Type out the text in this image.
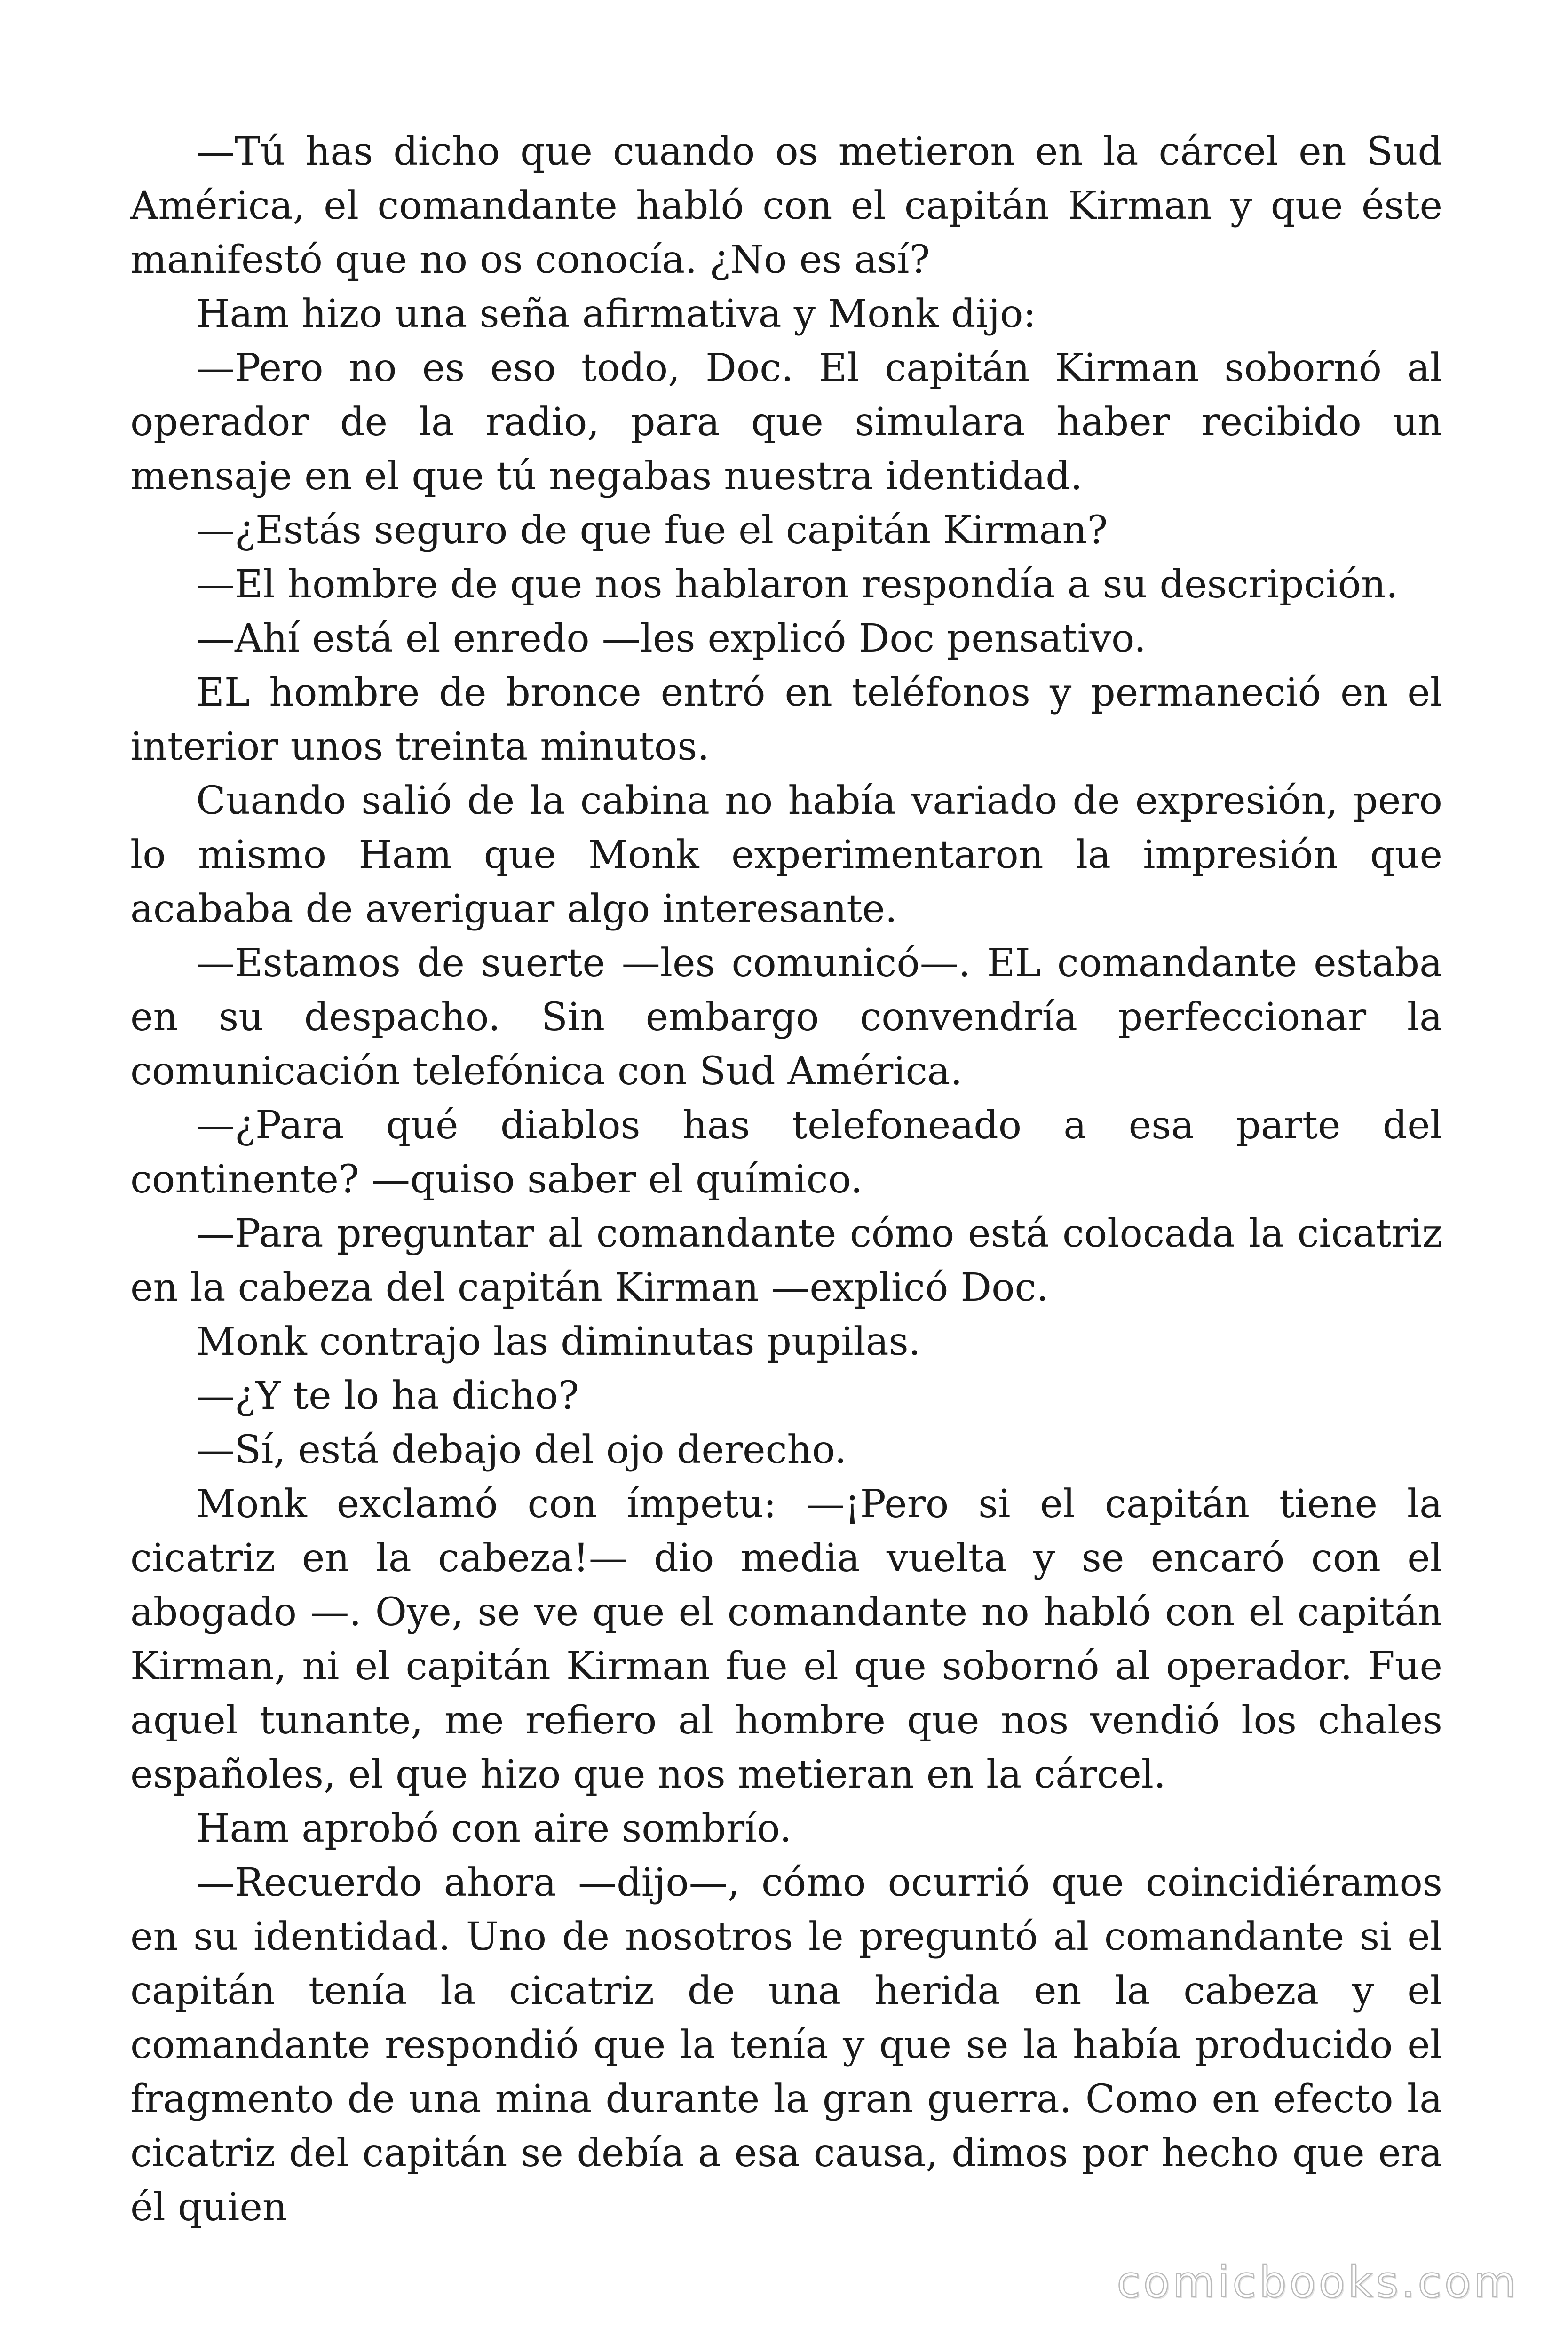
—Tú has dicho que cuando os metieron en la cárcel en Sud América, el comandante habló con el capitán Kirman y que éste manifestó que no os conocía. ¿No es así?

Ham hizo una seña afirmativa y Monk dijo:

—Pero no es eso todo, Doc. El capitán Kirman sobornó al operador de la radio, para que simulara haber recibido un mensaje en el que tú negabas nuestra identidad.

—¿Estás seguro de que fue el capitán Kirman?

—El hombre de que nos hablaron respondía a su descripción.

—Ahí está el enredo —les explicó Doc pensativo.

EL hombre de bronce entró en teléfonos y permaneció en el interior unos treinta minutos.

Cuando salió de la cabina no había variado de expresión, pero lo mismo Ham que Monk experimentaron la impresión que acababa de averiguar algo interesante.

—Estamos de suerte —les comunicó—. EL comandante estaba en su despacho. Sin embargo convendría perfeccionar la comunicación telefónica con Sud América.

—¿Para qué diablos has telefoneado a esa parte del continente? —quiso saber el químico.

—Para preguntar al comandante cómo está colocada la cicatriz en la cabeza del capitán Kirman —explicó Doc.

Monk contrajo las diminutas pupilas.

—¿Y te lo ha dicho?

—Sí, está debajo del ojo derecho.

Monk exclamó con ímpetu: —¡Pero si el capitán tiene la cicatriz en la cabeza!— dio media vuelta y se encaró con el abogado —. Oye, se ve que el comandante no habló con el capitán Kirman, ni el capitán Kirman fue el que sobornó al operador. Fue aquel tunante, me refiero al hombre que nos vendió los chales españoles, el que hizo que nos metieran en la cárcel.

Ham aprobó con aire sombrío.

—Recuerdo ahora —dijo—, cómo ocurrió que coincidiéramos en su identidad. Uno de nosotros le preguntó al comandante si el capitán tenía la cicatriz de una herida en la cabeza y el comandante respondió que la tenía y que se la había producido el fragmento de una mina durante la gran guerra. Como en efecto la cicatriz del capitán se debía a esa causa, dimos por hecho que era él quien

comicbooks.com
